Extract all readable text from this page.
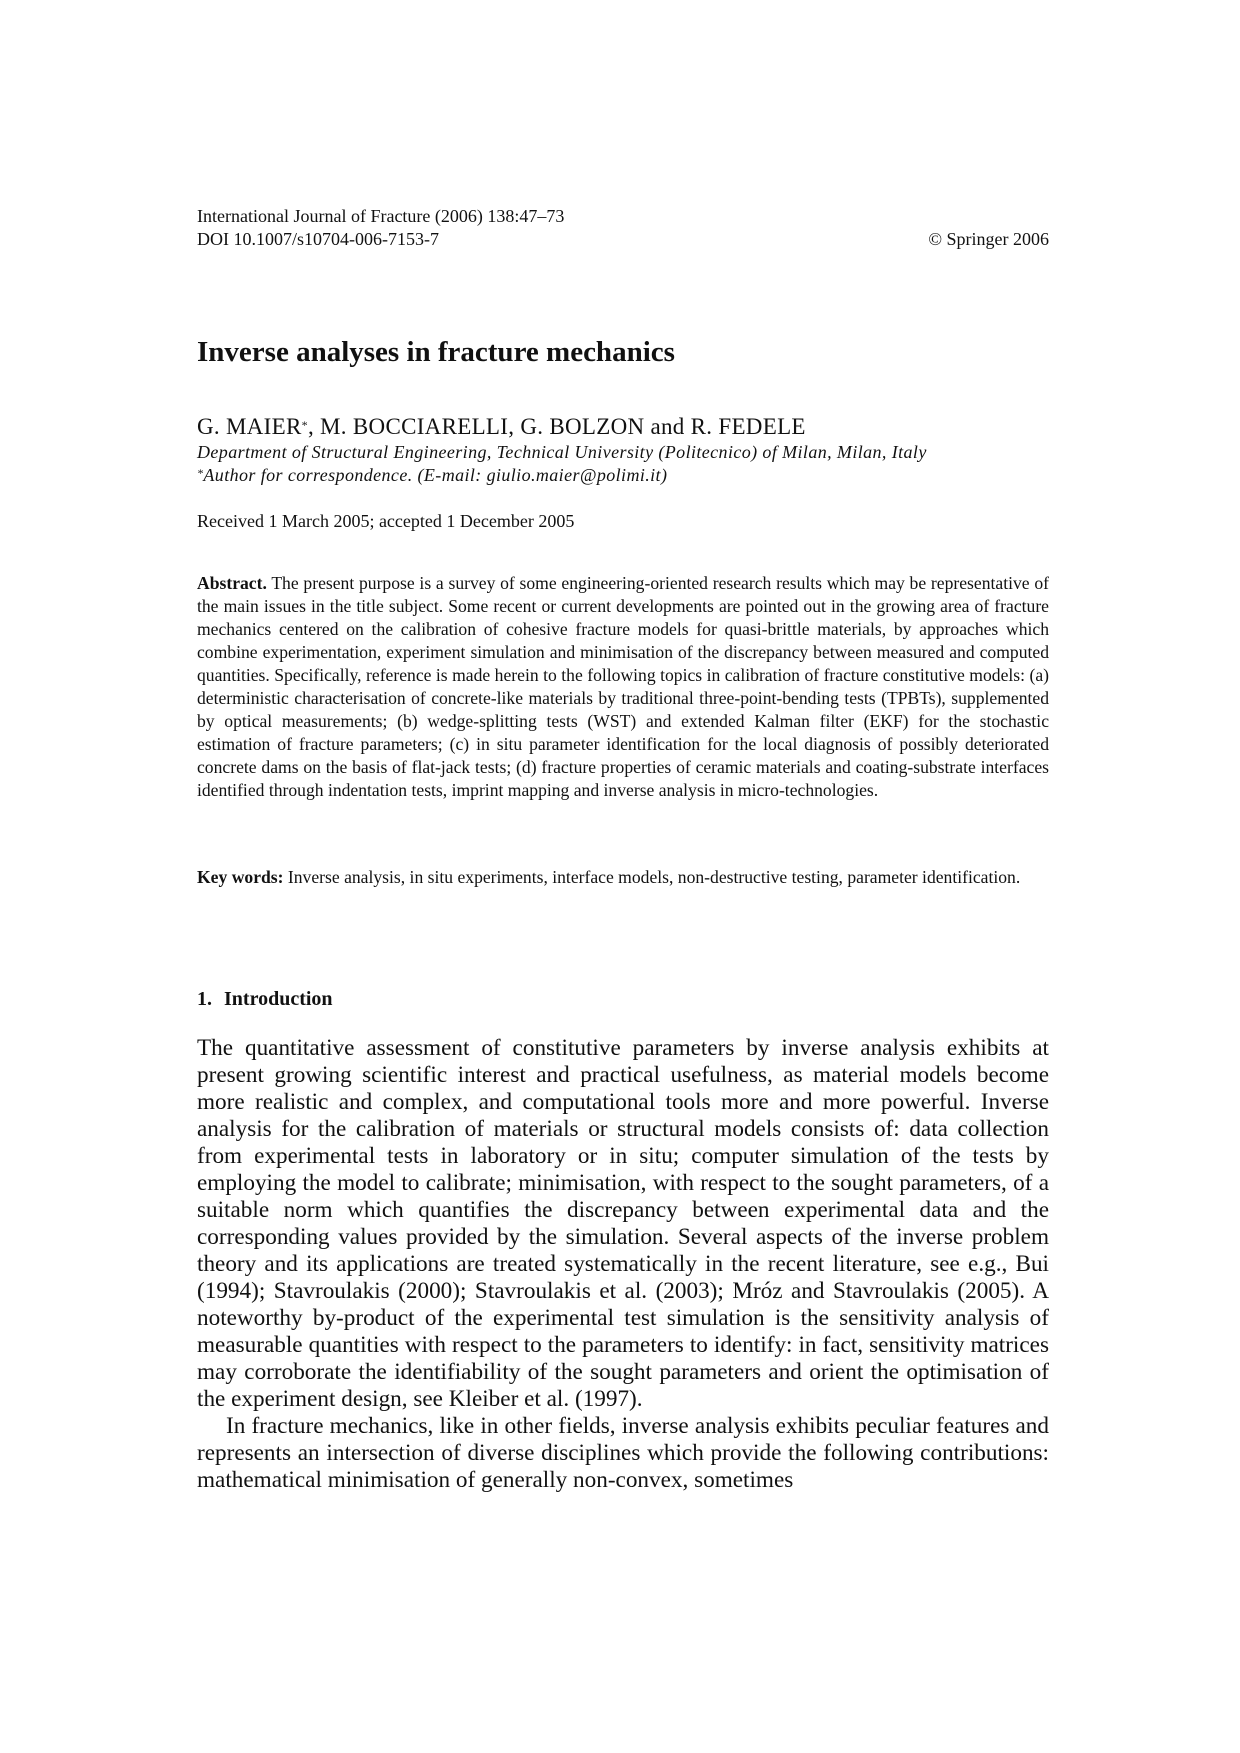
International Journal of Fracture (2006) 138:47–73
DOI 10.1007/s10704-006-7153-7	© Springer 2006
Inverse analyses in fracture mechanics
G. MAIER*, M. BOCCIARELLI, G. BOLZON and R. FEDELE
Department of Structural Engineering, Technical University (Politecnico) of Milan, Milan, Italy
*Author for correspondence. (E-mail: giulio.maier@polimi.it)
Received 1 March 2005; accepted 1 December 2005

Abstract. The present purpose is a survey of some engineering-oriented research results which may be representative of the main issues in the title subject. Some recent or current developments are pointed out in the growing area of fracture mechanics centered on the calibration of cohesive fracture models for quasi-brittle materials, by approaches which combine experimentation, experiment simulation and minimisation of the discrepancy between measured and computed quantities. Specifically, reference is made herein to the following topics in calibration of fracture constitutive models: (a) deterministic characterisation of concrete-like materials by traditional three-point-bending tests (TPBTs), supplemented by optical measurements; (b) wedge-splitting tests (WST) and extended Kalman filter (EKF) for the stochastic estimation of fracture parameters; (c) in situ parameter identification for the local diagnosis of possibly deteriorated concrete dams on the basis of flat-jack tests; (d) fracture properties of ceramic materials and coating-substrate interfaces identified through indentation tests, imprint mapping and inverse analysis in micro-technologies.

Key words: Inverse analysis, in situ experiments, interface models, non-destructive testing, parameter identification.

1. Introduction

The quantitative assessment of constitutive parameters by inverse analysis exhibits at present growing scientific interest and practical usefulness, as material models become more realistic and complex, and computational tools more and more powerful. Inverse analysis for the calibration of materials or structural models consists of: data collection from experimental tests in laboratory or in situ; computer simulation of the tests by employing the model to calibrate; minimisation, with respect to the sought parameters, of a suitable norm which quantifies the discrepancy between experimental data and the corresponding values provided by the simulation. Several aspects of the inverse problem theory and its applications are treated systematically in the recent literature, see e.g., Bui (1994); Stavroulakis (2000); Stavroulakis et al. (2003); Mróz and Stavroulakis (2005). A noteworthy by-product of the experimental test simulation is the sensitivity analysis of measurable quantities with respect to the parameters to identify: in fact, sensitivity matrices may corroborate the identifiability of the sought parameters and orient the optimisation of the experiment design, see Kleiber et al. (1997).

In fracture mechanics, like in other fields, inverse analysis exhibits peculiar features and represents an intersection of diverse disciplines which provide the following contributions: mathematical minimisation of generally non-convex, sometimes
